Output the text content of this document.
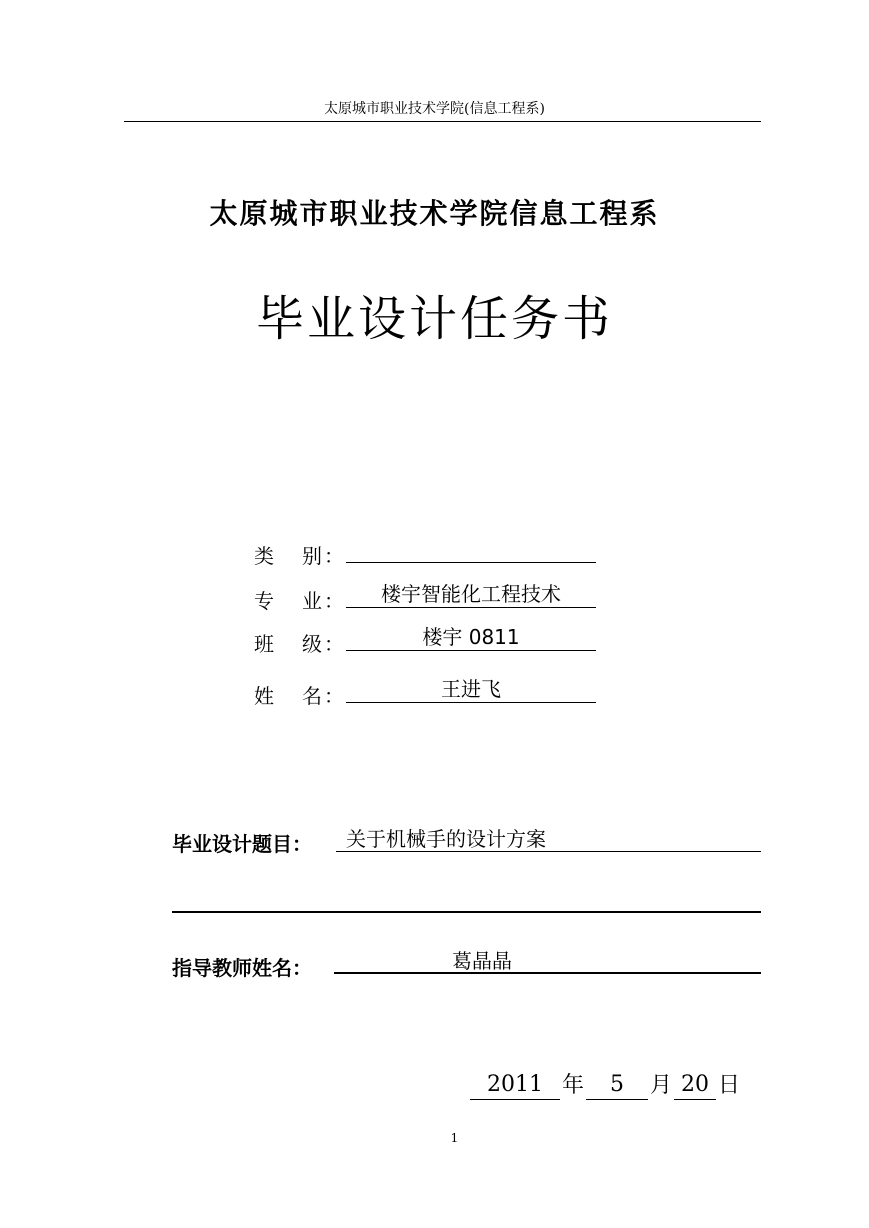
太原城市职业技术学院(信息工程系)
太原城市职业技术学院信息工程系
毕业设计任务书
类 别 ：
专 业 ：	楼宇智能化工程技术
班 级 ：	楼宇 0811
姓 名 ：	王进飞
毕业设计题目：	关于机械手的设计方案
指导教师姓名：	葛晶晶
2011 年	5	月 20 日
1
